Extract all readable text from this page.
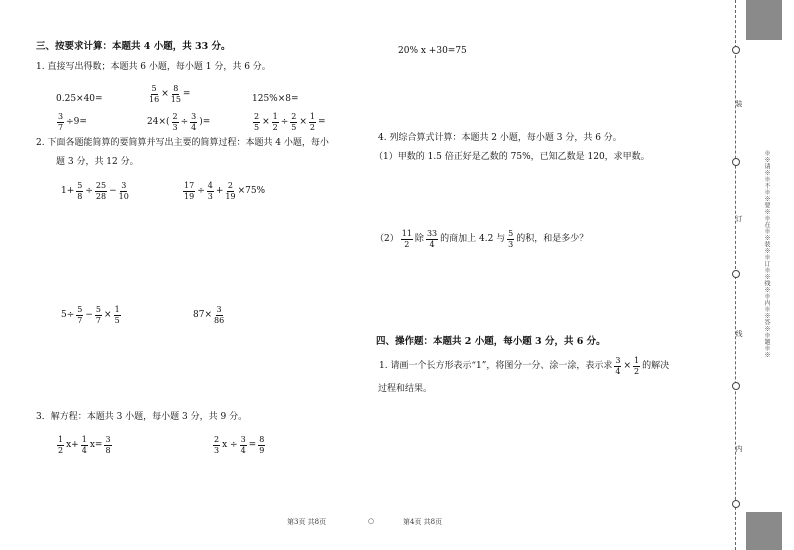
三、按要求计算：本题共 4 小题，共 33 分。
1. 直接写出得数；本题共 6 小题，每小题 1 分，共 6 分。
0.25×40=	$\frac{5}{16} \times \frac{8}{15}$ =	125%×8=
$\frac{3}{7} \div 9=$	$24\times( \frac{2}{3} \div \frac{3}{4}$ )=	$\frac{2}{5} \times \frac{1}{2} \div \frac{2}{5} \times \frac{1}{2}$ =
2. 下面各题能简算的要简算并写出主要的简算过程：本题共 4 小题，每小
题 3 分，共 12 分。
$1+ \frac{5}{8} \div \frac{25}{28} - \frac{3}{10}$	$\frac{17}{19} \div \frac{4}{3} + \frac{2}{19} \times 75\%$
$5\div \frac{5}{7} - \frac{5}{7} \times \frac{1}{5}$	$87\times \frac{3}{86}$
3．解方程：本题共 3 小题，每小题 3 分，共 9 分。
$\frac{1}{2} x+ \frac{1}{4} x= \frac{3}{8}$	$\frac{2}{3}$ $x \div \frac{3}{4} = \frac{8}{9}$
20% x +30=75
4. 列综合算式计算：本题共 2 小题，每小题 3 分，共 6 分。
（1）甲数的 1.5 倍正好是乙数的 75%，已知乙数是 120，求甲数。
$(2) \frac{11}{2}$ 除 $\frac{33}{4}$ 的商加上 4.2 与 $\frac{5}{3}$ 的积，和是多少？
四、操作题：本题共 2 小题，每小题 3 分，共 6 分。
1. 请画一个长方形表示“1”，将图分一分、涂一涂，表示求 $\frac{3}{4} \times \frac{1}{2}$ 的解决
过程和结果。
第3页 共8页	○	第4页 共8页
装
订
线
内
※※请※※不※※要※※在※※装※※订※※线※※内※※答※※题※※
